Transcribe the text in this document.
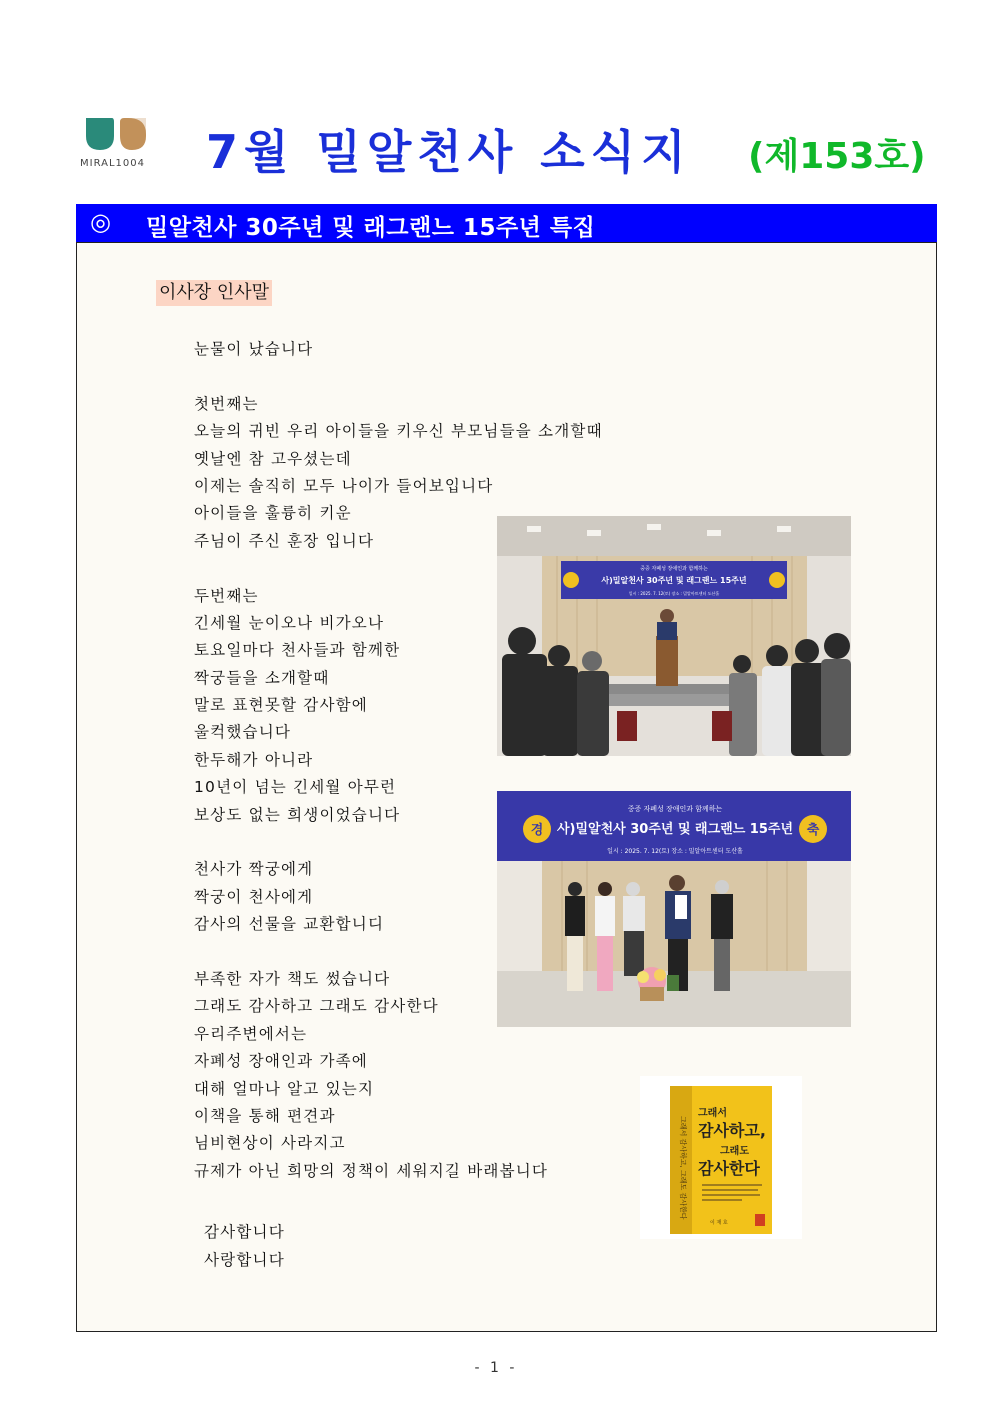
MIRAL1004	7월 밀알천사 소식지 (제153호)
◎ 밀알천사 30주년 및 래그랜느 15주년 특집
이사장 인사말
눈물이 났습니다
첫번째는
오늘의 귀빈 우리 아이들을 키우신 부모님들을 소개할때
옛날엔 참 고우셨는데
이제는 솔직히 모두 나이가 들어보입니다
아이들을 훌륭히 키운
주님이 주신 훈장 입니다
두번째는
긴세월 눈이오나 비가오나
토요일마다 천사들과 함께한
짝궁들을 소개할때
말로 표현못할 감사함에
울컥했습니다
한두해가 아니라
10년이 넘는 긴세월 아무런
보상도 없는 희생이었습니다
천사가 짝궁에게
짝궁이 천사에게
감사의 선물을 교환합니디
부족한 자가 책도 썼습니다
그래도 감사하고 그래도 감사한다
우리주변에서는
자폐성 장애인과 가족에
대해 얼마나 알고 있는지
이책을 통해 편견과
님비현상이 사라지고
규제가 아닌 희망의 정책이 세워지길 바래봅니다
감사합니다
사랑합니다
중증 자폐성 장애인과 함께하는
사)밀알천사 30주년 및 래그랜느 15주년
일시 : 2025. 7. 12(토) 장소 : 밀알아트센터 도산홀
경	축
중증 자폐성 장애인과 함께하는
사)밀알천사 30주년 및 래그랜느 15주년
일시 : 2025. 7. 12(토) 장소 : 밀알아트센터 도산홀
그래서 감사하고, 그래도 감사한다
그래서
감사하고,
그래도
감사한다
이 재 호
- 1 -
